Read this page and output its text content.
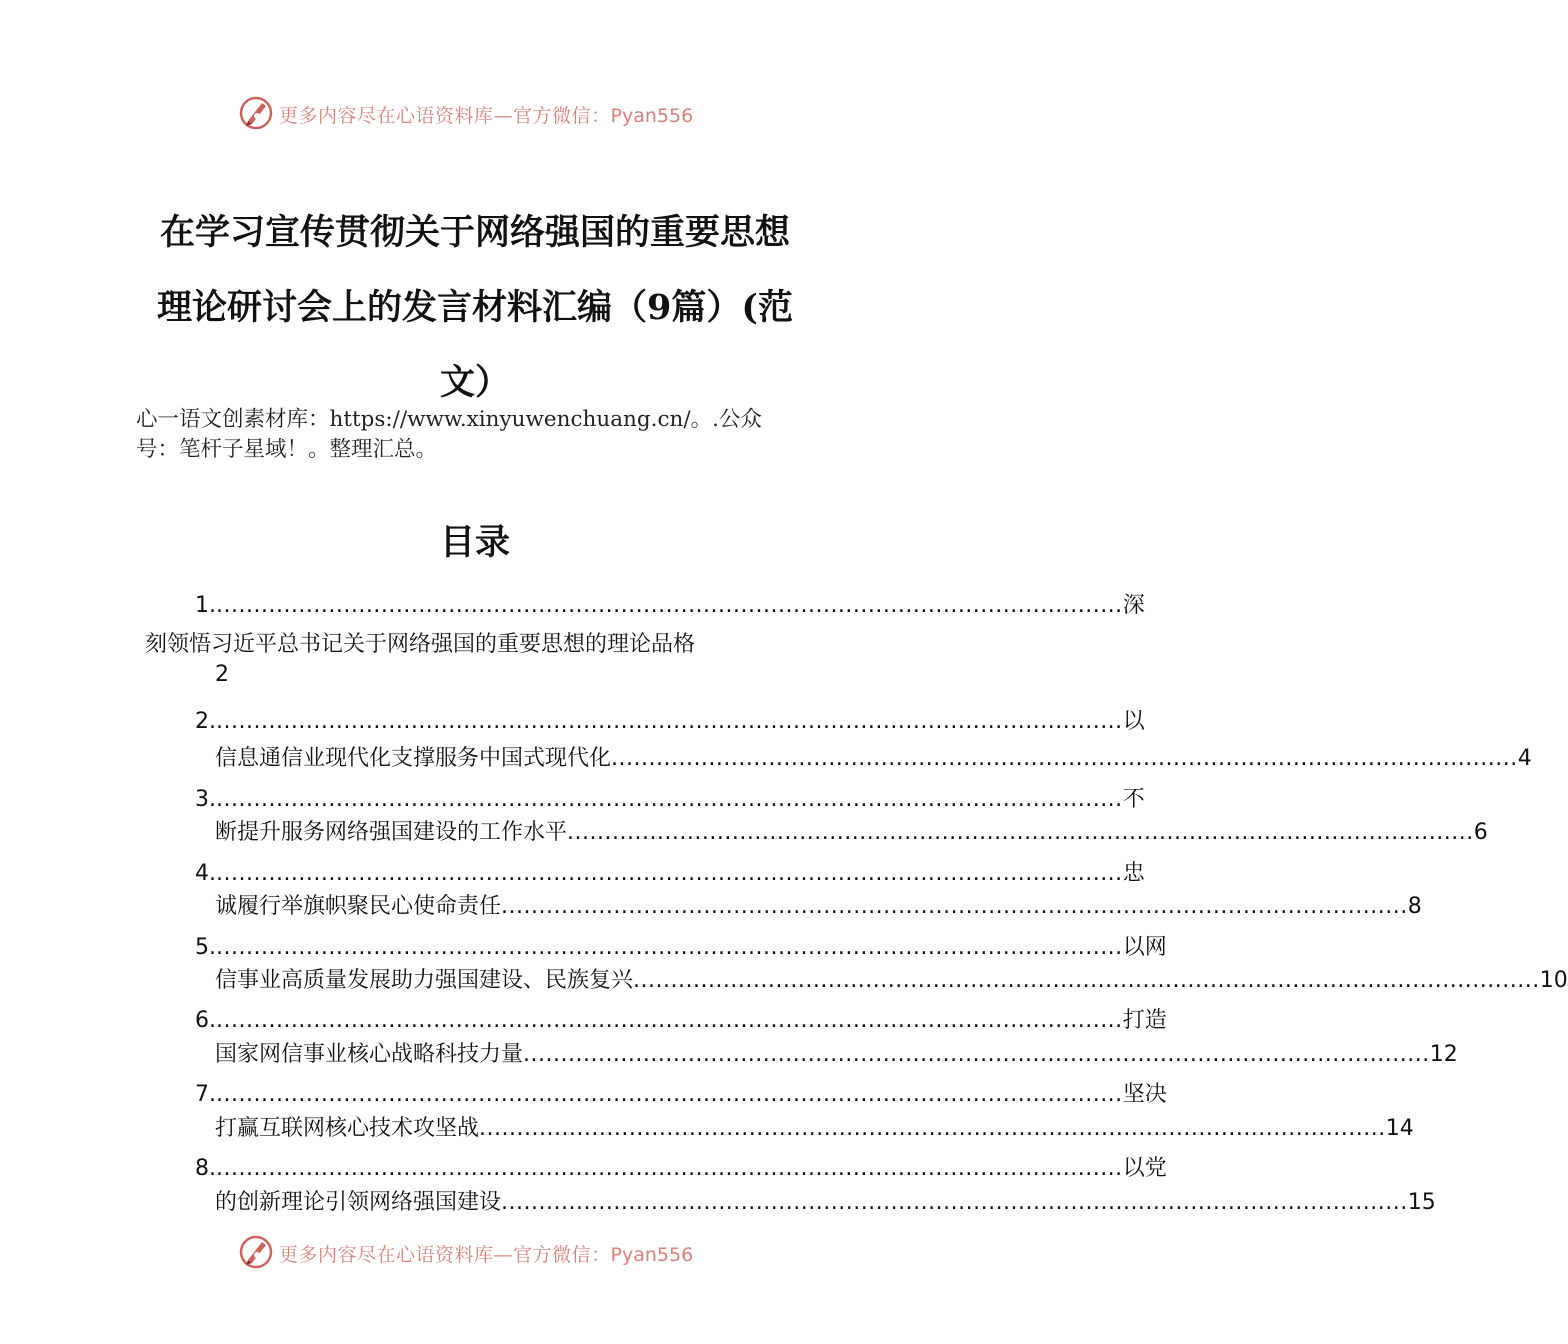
更多内容尽在心语资料库—官方微信：Pyan556
在学习宣传贯彻关于网络强国的重要思想
理论研讨会上的发言材料汇编（9篇）(范
文）
心一语文创素材库：https://www.xinyuwenchuang.cn/。.公众
号：笔杆子星域！。整理汇总。
目录
1. ......................................................................................................................... 深
刻领悟习近平总书记关于网络强国的重要思想的理论品格
2
2. ......................................................................................................................... 以
信息通信业现代化支撑服务中国式现代化 ......................................................................................................................... 4
3. ......................................................................................................................... 不
断提升服务网络强国建设的工作水平 ......................................................................................................................... 6
4. ......................................................................................................................... 忠
诚履行举旗帜聚民心使命责任 ......................................................................................................................... 8
5. ......................................................................................................................... 以网
信事业高质量发展助力强国建设、民族复兴 ......................................................................................................................... 10
6. ......................................................................................................................... 打造
国家网信事业核心战略科技力量 ......................................................................................................................... 12
7. ......................................................................................................................... 坚决
打赢互联网核心技术攻坚战 ......................................................................................................................... 14
8. ......................................................................................................................... 以党
的创新理论引领网络强国建设 ......................................................................................................................... 15
更多内容尽在心语资料库—官方微信：Pyan556
